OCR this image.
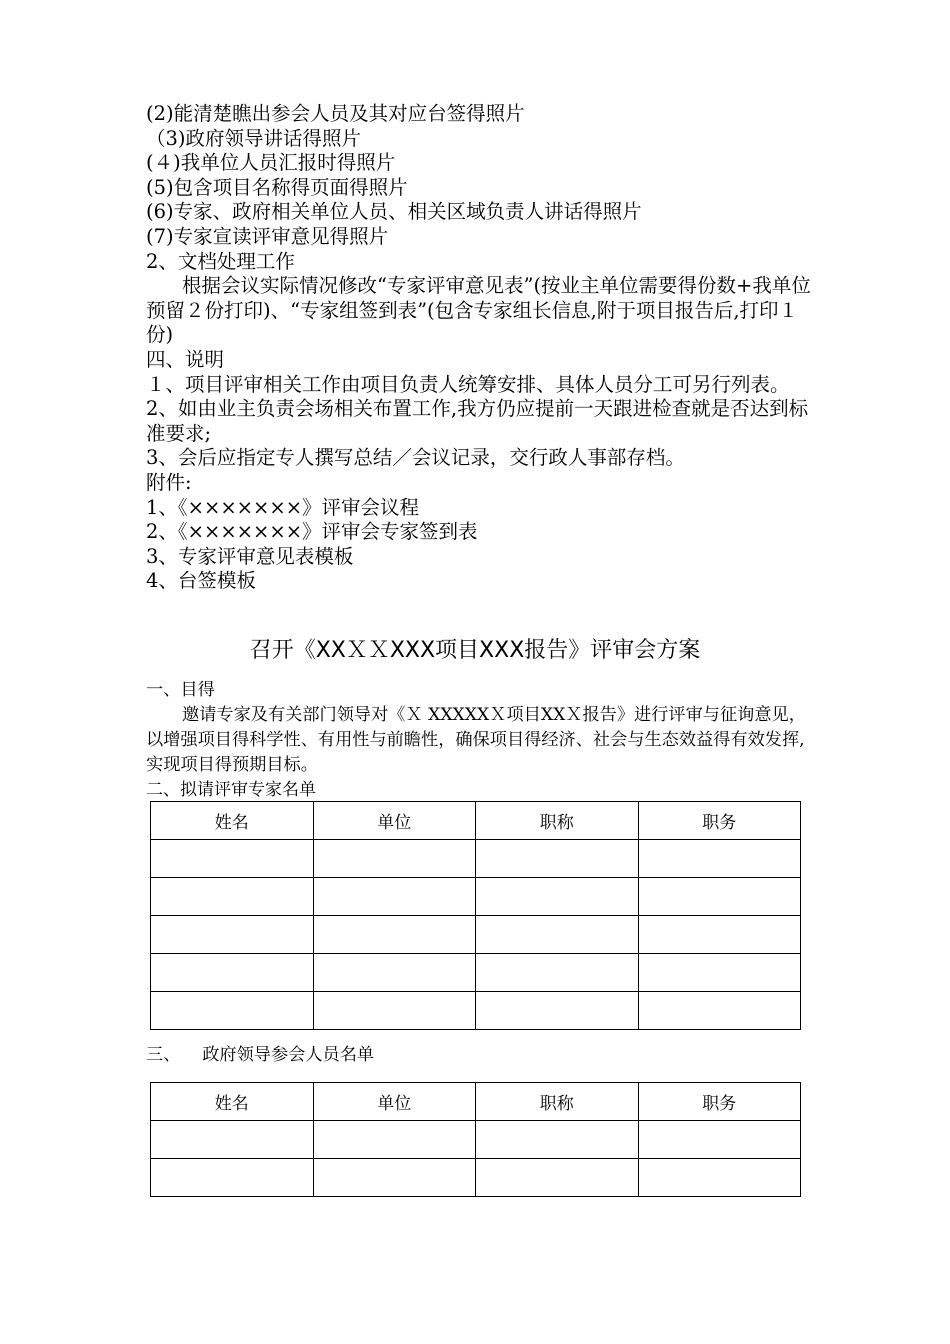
(2)能清楚瞧出参会人员及其对应台签得照片

（3)政府领导讲话得照片

(４)我单位人员汇报时得照片

(5)包含项目名称得页面得照片

(6)专家、政府相关单位人员、相关区域负责人讲话得照片

(7)专家宣读评审意见得照片

2、文档处理工作

根据会议实际情况修改“专家评审意见表”(按业主单位需要得份数+我单位预留２份打印)、“专家组签到表”(包含专家组长信息,附于项目报告后,打印１份)

四、说明

１、项目评审相关工作由项目负责人统筹安排、具体人员分工可另行列表。

2、如由业主负责会场相关布置工作,我方仍应提前一天跟进检查就是否达到标准要求;

3、会后应指定专人撰写总结／会议记录，交行政人事部存档。

附件:

1、《×××××××》评审会议程

2、《×××××××》评审会专家签到表

3、专家评审意见表模板

4、台签模板

召开《XXＸＸXXX项目XXX报告》评审会方案

一、目得

邀请专家及有关部门领导对《Ｘ XXXXXＸ项目XXＸ报告》进行评审与征询意见，以增强项目得科学性、有用性与前瞻性，确保项目得经济、社会与生态效益得有效发挥,实现项目得预期目标。

二、拟请评审专家名单

姓名	单位	职称	职务

三、    政府领导参会人员名单
姓名	单位	职称	职务
